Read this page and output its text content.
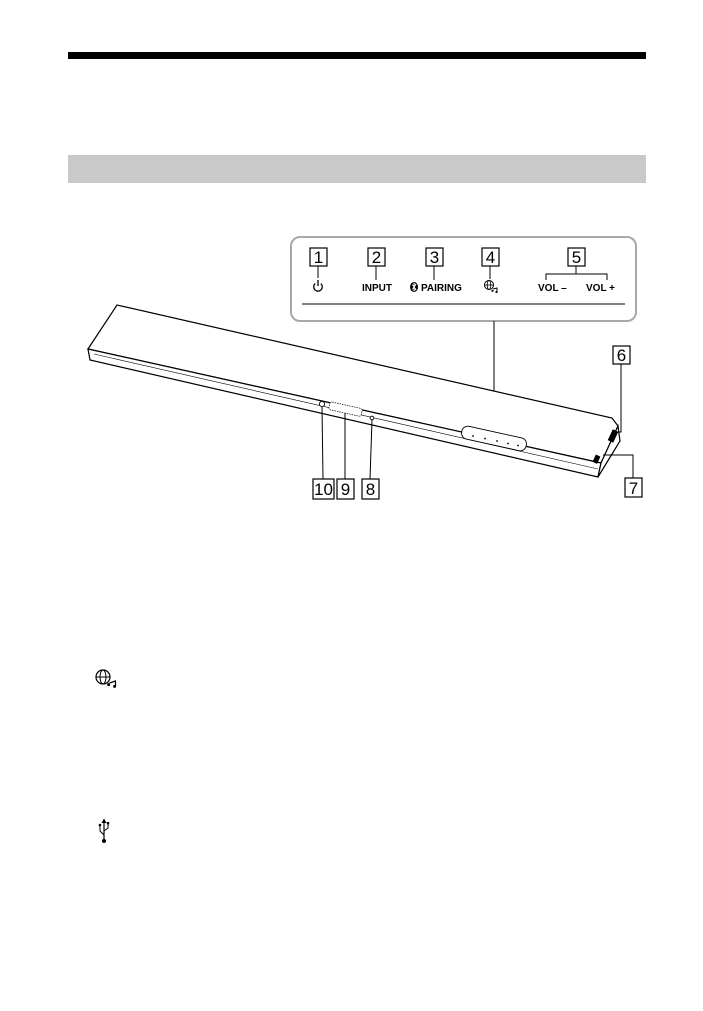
1	2
INPUT
3
PAIRING
4	5
VOL – VOL +
6
7
10 9 8
